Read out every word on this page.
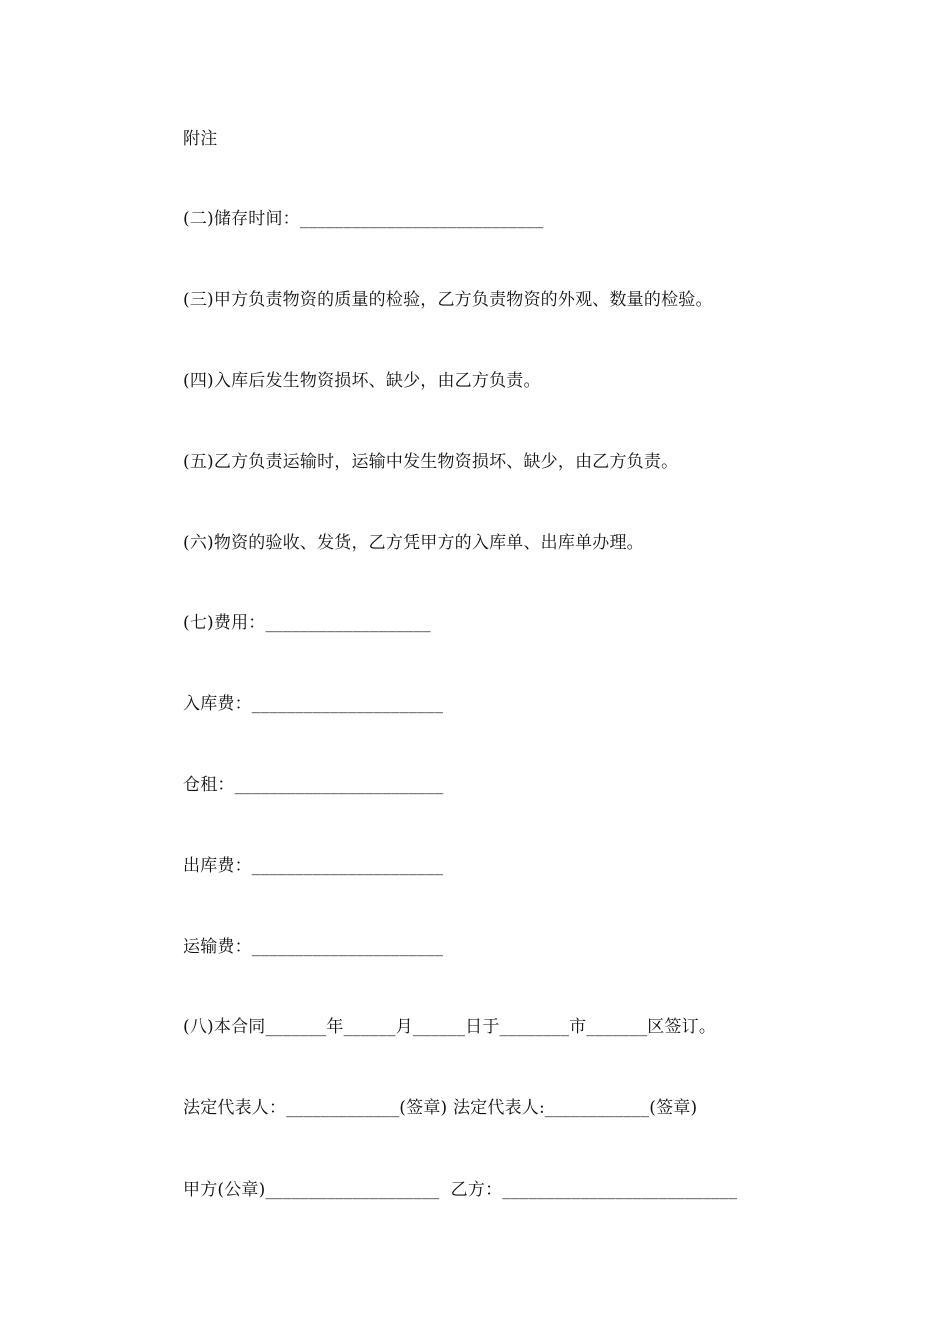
附注
(二)储存时间：____________________________
(三)甲方负责物资的质量的检验，乙方负责物资的外观、数量的检验。
(四)入库后发生物资损坏、缺少，由乙方负责。
(五)乙方负责运输时，运输中发生物资损坏、缺少，由乙方负责。
(六)物资的验收、发货，乙方凭甲方的入库单、出库单办理。
(七)费用：___________________
入库费：______________________
仓租：________________________
出库费：______________________
运输费：______________________
(八)本合同_______年______月______日于________市_______区签订。
法定代表人：_____________(签章) 法定代表人:____________(签章)
甲方(公章)____________________  乙方：___________________________
